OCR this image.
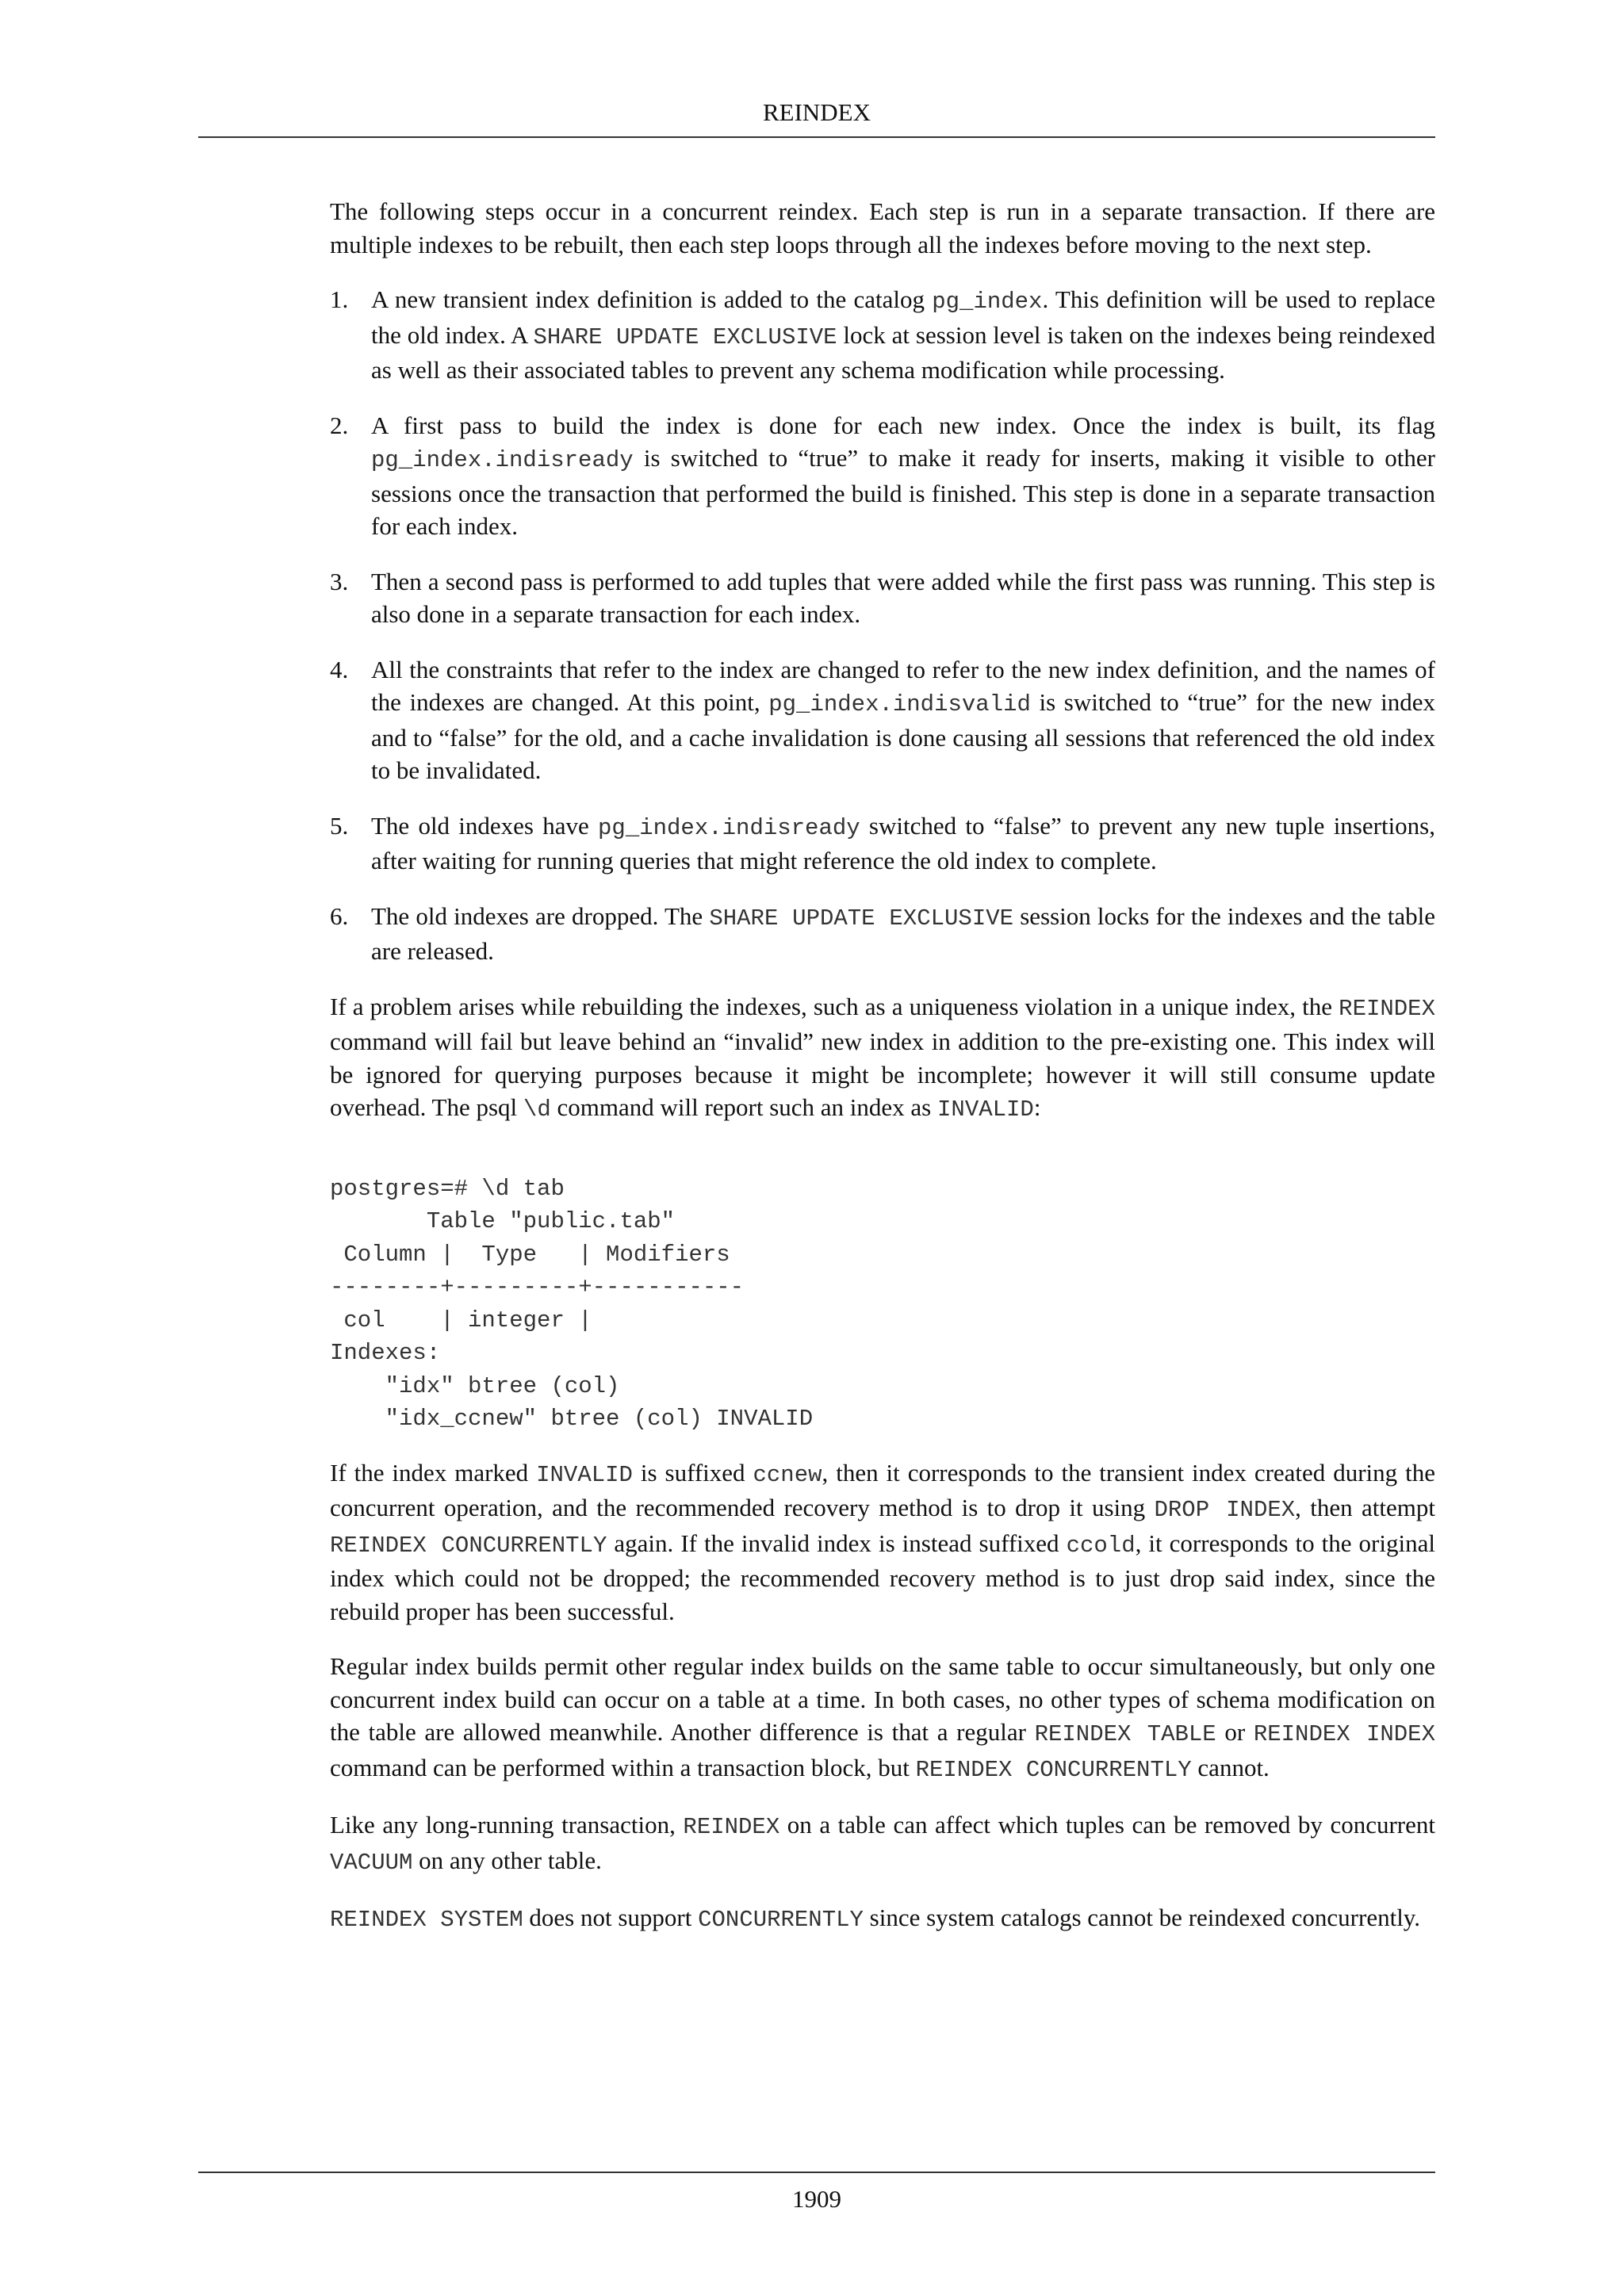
REINDEX

The following steps occur in a concurrent reindex. Each step is run in a separate transaction. If there are multiple indexes to be rebuilt, then each step loops through all the indexes before moving to the next step.

1. A new transient index definition is added to the catalog pg_index. This definition will be used to replace the old index. A SHARE UPDATE EXCLUSIVE lock at session level is taken on the indexes being reindexed as well as their associated tables to prevent any schema modification while processing.
2. A first pass to build the index is done for each new index. Once the index is built, its flag pg_index.indisready is switched to “true” to make it ready for inserts, making it visible to other sessions once the transaction that performed the build is finished. This step is done in a separate transaction for each index.
3. Then a second pass is performed to add tuples that were added while the first pass was running. This step is also done in a separate transaction for each index.
4. All the constraints that refer to the index are changed to refer to the new index definition, and the names of the indexes are changed. At this point, pg_index.indisvalid is switched to “true” for the new index and to “false” for the old, and a cache invalidation is done causing all sessions that referenced the old index to be invalidated.
5. The old indexes have pg_index.indisready switched to “false” to prevent any new tuple insertions, after waiting for running queries that might reference the old index to complete.
6. The old indexes are dropped. The SHARE UPDATE EXCLUSIVE session locks for the indexes and the table are released.

If a problem arises while rebuilding the indexes, such as a uniqueness violation in a unique index, the REINDEX command will fail but leave behind an “invalid” new index in addition to the pre-existing one. This index will be ignored for querying purposes because it might be incomplete; however it will still consume update overhead. The psql \d command will report such an index as INVALID:

postgres=# \d tab
Table "public.tab"
Column |  Type   | Modifiers
--------+---------+-----------
col    | integer |
Indexes:
"idx" btree (col)
"idx_ccnew" btree (col) INVALID

If the index marked INVALID is suffixed ccnew, then it corresponds to the transient index created during the concurrent operation, and the recommended recovery method is to drop it using DROP INDEX, then attempt REINDEX CONCURRENTLY again. If the invalid index is instead suffixed ccold, it corresponds to the original index which could not be dropped; the recommended recovery method is to just drop said index, since the rebuild proper has been successful.

Regular index builds permit other regular index builds on the same table to occur simultaneously, but only one concurrent index build can occur on a table at a time. In both cases, no other types of schema modification on the table are allowed meanwhile. Another difference is that a regular REINDEX TABLE or REINDEX INDEX command can be performed within a transaction block, but REINDEX CONCURRENTLY cannot.

Like any long-running transaction, REINDEX on a table can affect which tuples can be removed by concurrent VACUUM on any other table.

REINDEX SYSTEM does not support CONCURRENTLY since system catalogs cannot be reindexed concurrently.

1909
